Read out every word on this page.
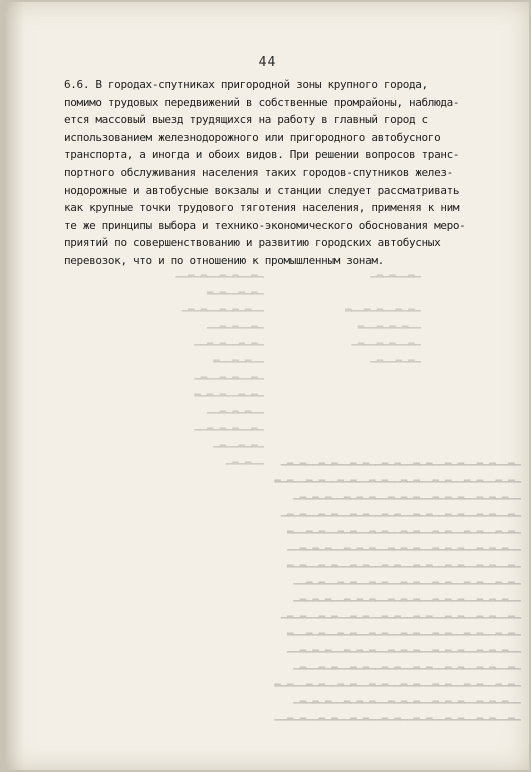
44
6.6. В городах-спутниках пригородной зоны крупного города,
помимо трудовых передвижений в собственные промрайоны, наблюда-
ется массовый выезд трудящихся на работу в главный город с
использованием железнодорожного или пригородного автобусного
транспорта, а иногда и обоих видов. При решении вопросов транс-
портного обслуживания населения таких городов-спутников желез-
нодорожные и автобусные вокзалы и станции следует рассматривать
как крупные точки трудового тяготения населения, применяя к ним
те же принципы выбора и технико-экономического обоснования меро-
приятий по совершенствованию и развитию городских автобусных
перевозок, что и по отношению к промышленным зонам.
▁▂▁▁▂▁▂▁▁▂▁▂▁▁
▁▂▁▂▁▁▂▁▂
▁▁▂▁▂▁▂▁▁▂▁▂▁
▁▂▁▁▂▁▂▁▁
▁▂▁▂▁▁▂▁▂▁▁
▁▁▂▁▂▁▁▂
▁▂▁▁▂▁▂▁▁▂▁
▁▂▁▂▁▁▂▁▂▁▂
▁▁▂▁▂▁▂▁▁
▁▂▁▁▂▁▂▁▂▁▁
▁▂▁▂▁▁▂▁
▁▁▂▁▂▁
▁▂▁▁▂▁▂▁
▁▂▁▂▁▁▂▁▂▁▁▂
▁▁▂▁▂▁▂▁▁▂
▁▂▁▁▂▁▂▁▁▂▁
▁▂▁▂▁▁▂▁
▁▂▁▁▂▁▂▁▁▂▁▂▁▁▂▁▂▁▁▂▁▂▁▁▂▁▂▁▁▂▁▂▁▁▂▁▂▁
▁▂▁▂▁▁▂▁▂▁▁▂▁▂▁▁▂▁▂▁▁▂▁▂▁▁▂▁▂▁▁▂▁▂▁▁▂▁▂
▁▁▂▁▂▁▂▁▁▂▁▂▁▂▁▁▂▁▂▁▂▁▁▂▁▂▁▂▁▁▂▁▂▁▂▁
▁▂▁▁▂▁▂▁▁▂▁▂▁▁▂▁▂▁▁▂▁▂▁▁▂▁▂▁▁▂▁▂▁▁▂▁▂▁
▁▂▁▂▁▁▂▁▂▁▁▂▁▂▁▁▂▁▂▁▁▂▁▂▁▁▂▁▂▁▁▂▁▂▁▁▂
▁▁▂▁▂▁▂▁▁▂▁▂▁▂▁▁▂▁▂▁▂▁▁▂▁▂▁▂▁▁▂▁▂▁▂▁▁
▁▂▁▁▂▁▂▁▁▂▁▂▁▁▂▁▂▁▁▂▁▂▁▁▂▁▂▁▁▂▁▂▁▁▂▁▂
▁▂▁▂▁▁▂▁▂▁▁▂▁▂▁▁▂▁▂▁▁▂▁▂▁▁▂▁▂▁▁▂▁▂▁▁
▁▁▂▁▂▁▂▁▁▂▁▂▁▂▁▁▂▁▂▁▂▁▁▂▁▂▁▂▁▁▂▁▂▁▂▁
▁▂▁▁▂▁▂▁▁▂▁▂▁▁▂▁▂▁▁▂▁▂▁▁▂▁▂▁▁▂▁▂▁▁▂▁▂▁
▁▂▁▂▁▁▂▁▂▁▁▂▁▂▁▁▂▁▂▁▁▂▁▂▁▁▂▁▂▁▁▂▁▂▁▁▂
▁▁▂▁▂▁▂▁▁▂▁▂▁▂▁▁▂▁▂▁▂▁▁▂▁▂▁▂▁▁▂▁▂▁▂▁▁
▁▂▁▁▂▁▂▁▁▂▁▂▁▁▂▁▂▁▁▂▁▂▁▁▂▁▂▁▁▂▁▂▁▁▂▁
▁▂▁▂▁▁▂▁▂▁▁▂▁▂▁▁▂▁▂▁▁▂▁▂▁▁▂▁▂▁▁▂▁▂▁▁▂▁▂
▁▁▂▁▂▁▂▁▁▂▁▂▁▂▁▁▂▁▂▁▂▁▁▂▁▂▁▂▁▁▂▁▂▁▂▁
▁▂▁▁▂▁▂▁▁▂▁▂▁▁▂▁▂▁▁▂▁▂▁▁▂▁▂▁▁▂▁▂▁▁▂▁▂▁▁
